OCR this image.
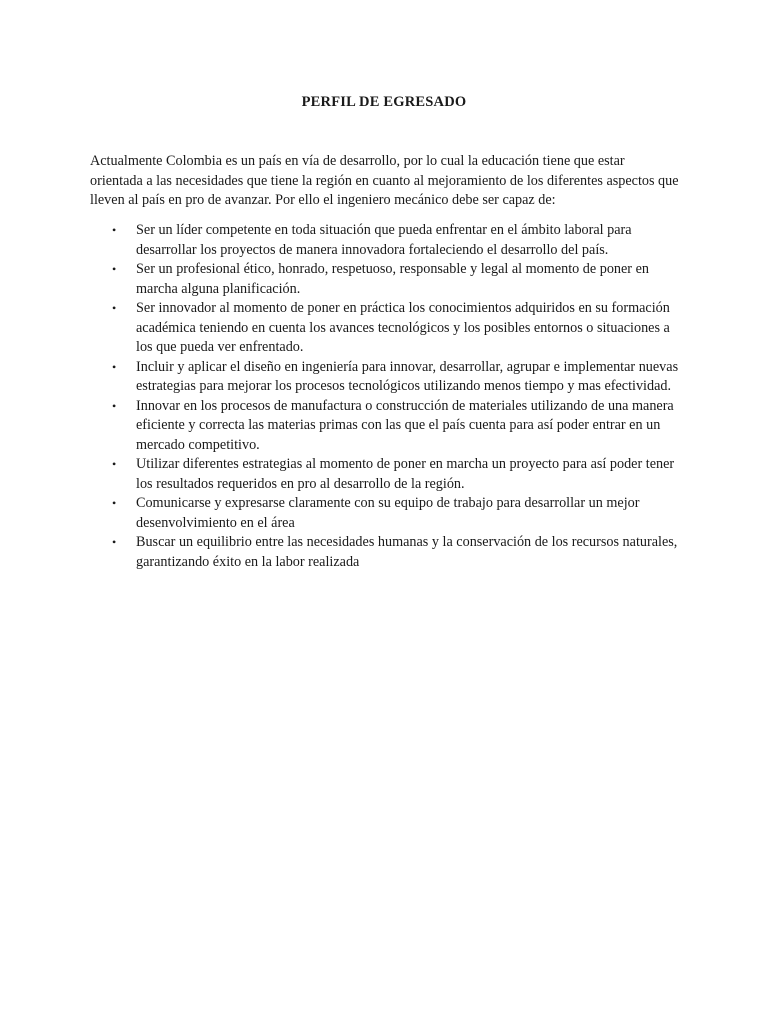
PERFIL DE EGRESADO

Actualmente Colombia es un país en vía de desarrollo, por lo cual la educación tiene que estar orientada a las necesidades que tiene la región en cuanto al mejoramiento de los diferentes aspectos que lleven al país en pro de avanzar. Por ello el ingeniero mecánico debe ser capaz de:

• Ser un líder competente en toda situación que pueda enfrentar en el ámbito laboral para desarrollar los proyectos de manera innovadora fortaleciendo el desarrollo del país.
• Ser un profesional ético, honrado, respetuoso, responsable y legal al momento de poner en marcha alguna planificación.
• Ser innovador al momento de poner en práctica los conocimientos adquiridos en su formación académica teniendo en cuenta los avances tecnológicos y los posibles entornos o situaciones a los que pueda ver enfrentado.
• Incluir y aplicar el diseño en ingeniería para innovar, desarrollar, agrupar e implementar nuevas estrategias para mejorar los procesos tecnológicos utilizando menos tiempo y mas efectividad.
• Innovar en los procesos de manufactura o construcción de materiales utilizando de una manera eficiente y correcta las materias primas con las que el país cuenta para así poder entrar en un mercado competitivo.
• Utilizar diferentes estrategias al momento de poner en marcha un proyecto para así poder tener los resultados requeridos en pro al desarrollo de la región.
• Comunicarse y expresarse claramente con su equipo de trabajo para desarrollar un mejor desenvolvimiento en el área
• Buscar un equilibrio entre las necesidades humanas y la conservación de los recursos naturales, garantizando éxito en la labor realizada
